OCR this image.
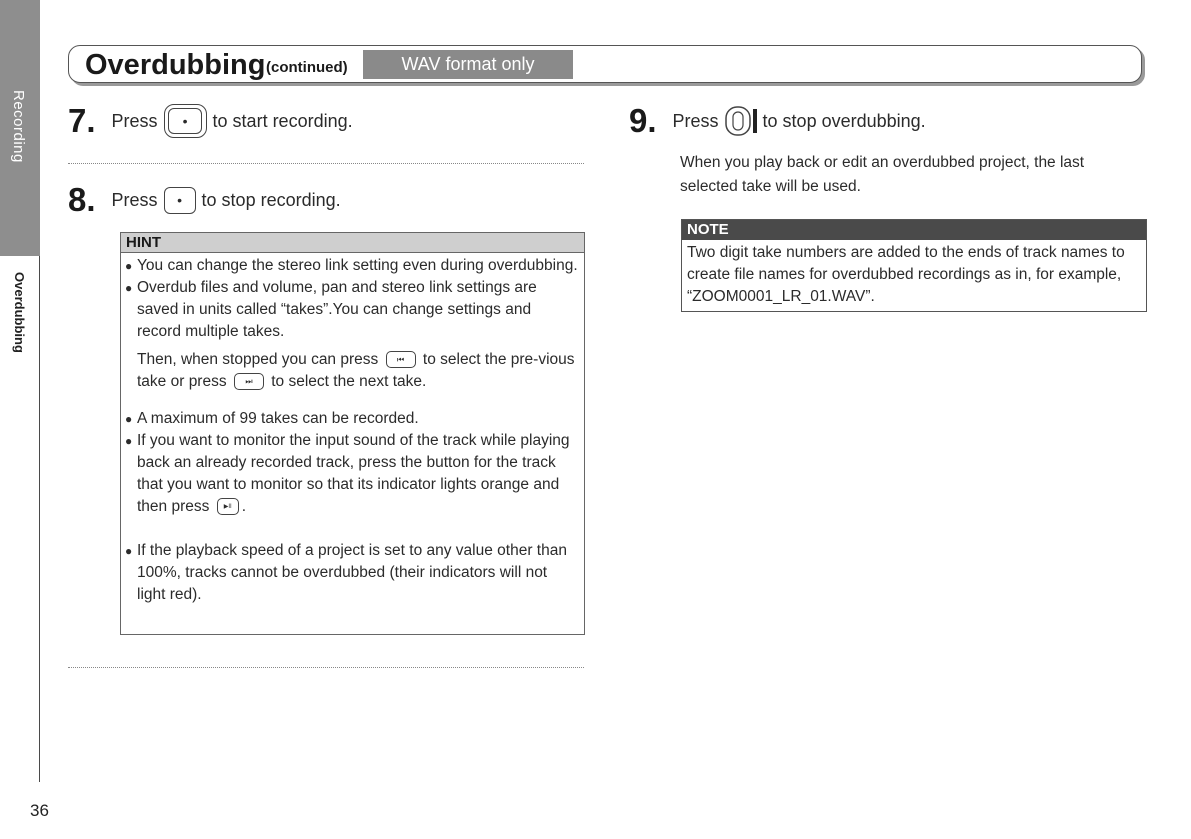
Recording
Overdubbing
36
Overdubbing (continued)	WAV format only
7. Press	•	to start recording.
8. Press	•	to stop recording.
HINT
● You can change the stereo link setting even during overdubbing.
● Overdub files and volume, pan and stereo link settings are saved in units called “takes”.You can change settings and record multiple takes.
Then, when stopped you can press ⏮ to select the pre-vious take or press ⏭ to select the next take.
● A maximum of 99 takes can be recorded.
● If you want to monitor the input sound of the track while playing back an already recorded track, press the button for the track that you want to monitor so that its indicator lights orange and then press ▶II .
● If the playback speed of a project is set to any value other than 100%, tracks cannot be overdubbed (their indicators will not light red).
9. Press to stop overdubbing.
When you play back or edit an overdubbed project, the last selected take will be used.
NOTE
Two digit take numbers are added to the ends of track names to create file names for overdubbed recordings as in, for example, “ZOOM0001_LR_01.WAV”.
